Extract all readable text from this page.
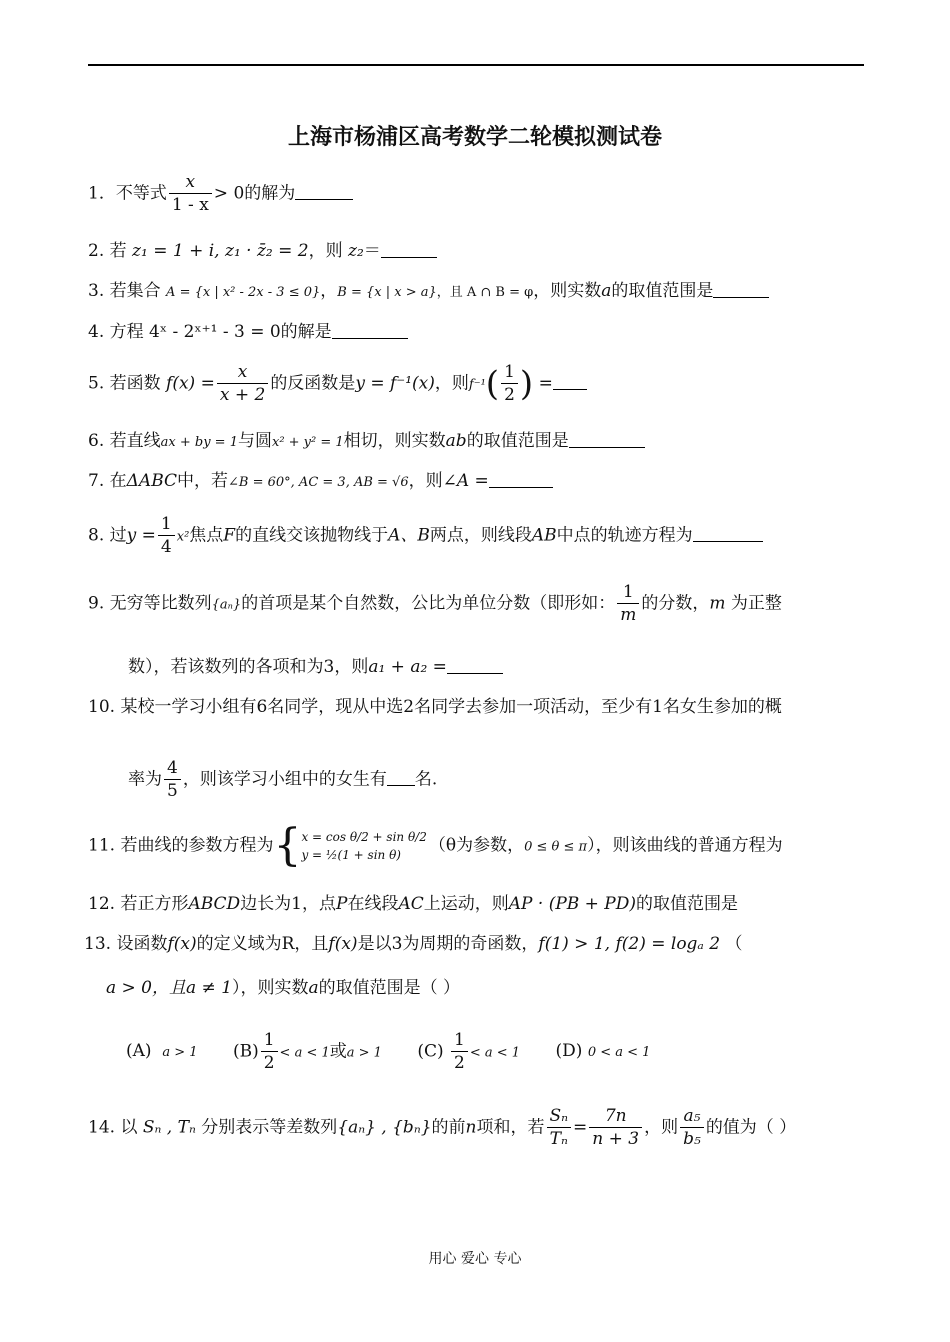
上海市杨浦区高考数学二轮模拟测试卷
1．不等式 $\frac{x}{1 - x} > 0$的解为
2. 若 z₁ = 1 + i, z₁ · z̄₂ = 2，则 z₂＝
3. 若集合 A = {x | x² - 2x - 3 ≤ 0}，B = {x | x > a}，且 A ∩ B = φ，则实数a的取值范围是
4. 方程 4ˣ - 2ˣ⁺¹ - 3 = 0的解是
5. 若函数 $f(x) = \frac{x}{x + 2}$ 的反函数是y = f⁻¹(x)，则$f^{-1}( \frac{1}{2}$ ) =
6. 若直线ax + by = 1与圆x² + y² = 1相切，则实数ab的取值范围是
7. 在ΔABC中，若∠B = 60°, AC = 3, AB = √6，则∠A =
8. 过$y = \frac{1}{4} x^2$焦点F的直线交该抛物线于A、B两点，则线段AB中点的轨迹方程为
9. 无穷等比数列{aₙ}的首项是某个自然数，公比为单位分数（即形如： $\frac{1}{m}$ 的分数，m 为正整
数），若该数列的各项和为3，则a₁ + a₂ =
10. 某校一学习小组有6名同学，现从中选2名同学去参加一项活动，至少有1名女生参加的概
率为 $\frac{4}{5}$ ，则该学习小组中的女生有 名.
11. 若曲线的参数方程为{ x = cos θ/2 + sin θ/2
y = ½(1 + sin θ)	（θ为参数，0 ≤ θ ≤ π），则该曲线的普通方程为
12. 若正方形ABCD边长为1，点P在线段AC上运动，则AP · (PB + PD)的取值范围是
13. 设函数f(x)的定义域为R，且f(x)是以3为周期的奇函数，f(1) > 1, f(2) = logₐ 2 （
a > 0，且a ≠ 1），则实数a的取值范围是（ ）
(A) a > 1 $(B) \frac{1}{2} < a < 1$或a > 1 $(C) \frac{1}{2} < a < 1$ (D) 0 < a < 1
14. 以 Sₙ , Tₙ 分别表示等差数列{aₙ} , {bₙ}的前n项和，若 $\frac{\text{Sₙ}}{\text{Tₙ}} = \frac{7n}{n + 3}$ ，则 $\frac{\text{a₅}}{\text{b₅}}$ 的值为（ ）
用心 爱心 专心
